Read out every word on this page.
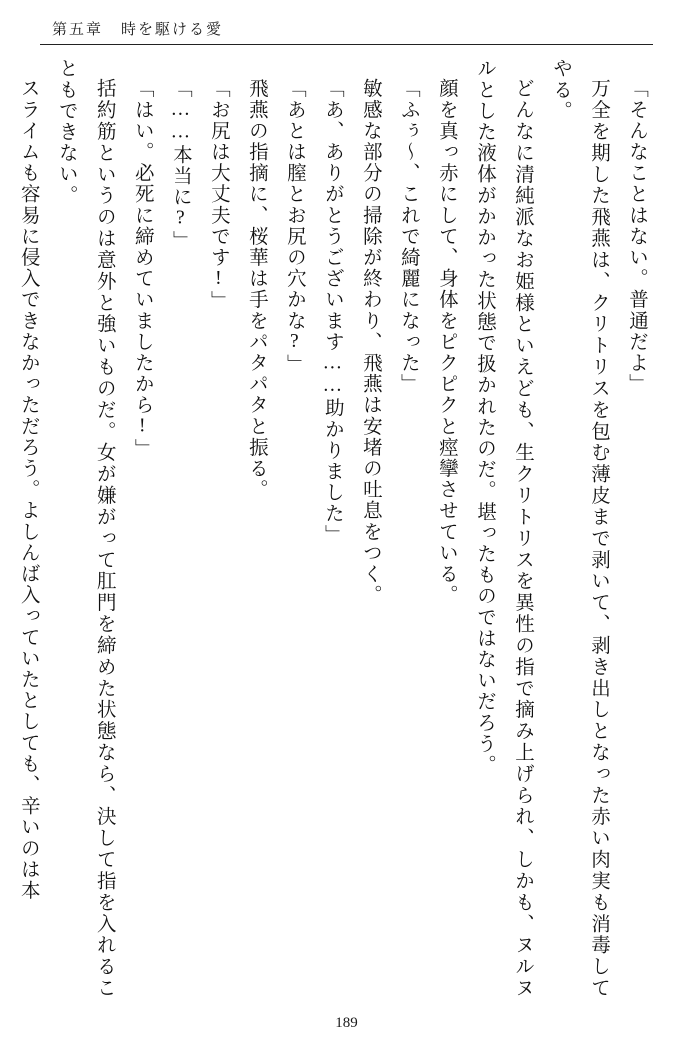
第五章 時を駆ける愛

「そんなことはない。普通だよ」

万全を期した飛燕は、クリトリスを包む薄皮まで剥いて、剥き出しとなった赤い肉実も消毒してやる。

どんなに清純派なお姫様といえども、生クリトリスを異性の指で摘み上げられ、しかも、ヌルヌルとした液体がかかった状態で扱かれたのだ。堪ったものではないだろう。

顔を真っ赤にして、身体をピクピクと痙攣させている。

「ふぅ～、これで綺麗になった」

敏感な部分の掃除が終わり、飛燕は安堵の吐息をつく。

「あ、ありがとうございます……助かりました」

「あとは膣とお尻の穴かな?」

飛燕の指摘に、桜華は手をパタパタと振る。

「お尻は大丈夫です!」

「……本当に?」

「はい。必死に締めていましたから!」

括約筋というのは意外と強いものだ。女が嫌がって肛門を締めた状態なら、決して指を入れることもできない。

スライムも容易に侵入できなかっただろう。よしんば入っていたとしても、辛いのは本

189
